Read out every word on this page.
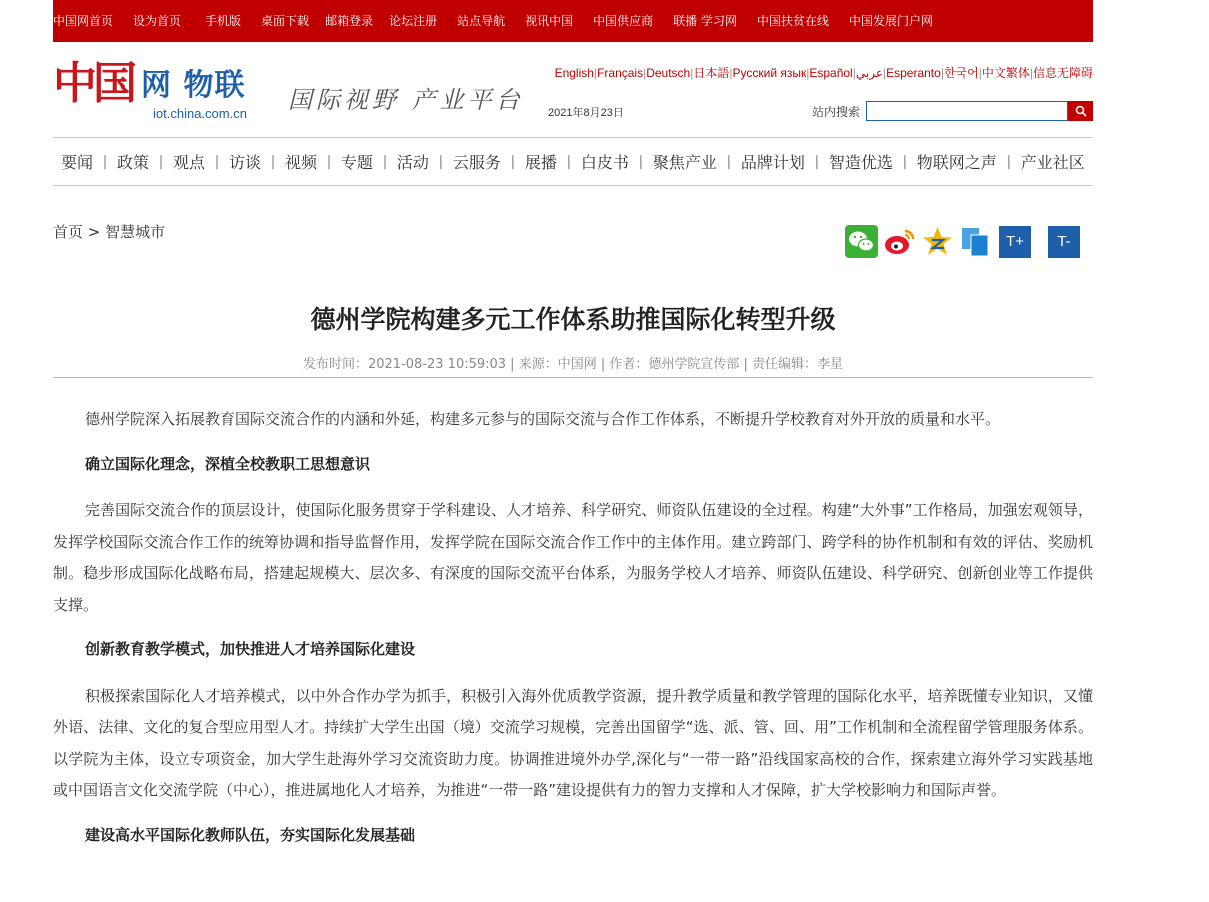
中国网首页 设为首页 手机版 桌面下载 邮箱登录 论坛注册 站点导航 视讯中国 中国供应商 联播 学习网 中国扶贫在线 中国发展门户网
中国 网 物联
iot.china.com.cn 国际视野 产业平台
English|Français|Deutsch|日本語|Русский язык|Español|عربي|Esperanto|한국어|中文繁体|信息无障碍
2021年8月23日	站内搜索
要闻 | 政策 | 观点 | 访谈 | 视频 | 专题 | 活动 | 云服务 | 展播 | 白皮书 | 聚焦产业 | 品牌计划 | 智造优选 | 物联网之声 | 产业社区
首页 > 智慧城市
T+	T-
德州学院构建多元工作体系助推国际化转型升级
发布时间：2021-08-23 10:59:03 | 来源：中国网 | 作者：德州学院宣传部 | 责任编辑：李星

德州学院深入拓展教育国际交流合作的内涵和外延，构建多元参与的国际交流与合作工作体系，不断提升学校教育对外开放的质量和水平。

确立国际化理念，深植全校教职工思想意识

完善国际交流合作的顶层设计，使国际化服务贯穿于学科建设、人才培养、科学研究、师资队伍建设的全过程。构建“大外事”工作格局，加强宏观领导，发挥学校国际交流合作工作的统筹协调和指导监督作用，发挥学院在国际交流合作工作中的主体作用。建立跨部门、跨学科的协作机制和有效的评估、奖励机制。稳步形成国际化战略布局，搭建起规模大、层次多、有深度的国际交流平台体系，为服务学校人才培养、师资队伍建设、科学研究、创新创业等工作提供支撑。

创新教育教学模式，加快推进人才培养国际化建设

积极探索国际化人才培养模式，以中外合作办学为抓手，积极引入海外优质教学资源，提升教学质量和教学管理的国际化水平，培养既懂专业知识，又懂外语、法律、文化的复合型应用型人才。持续扩大学生出国（境）交流学习规模，完善出国留学“选、派、管、回、用”工作机制和全流程留学管理服务体系。以学院为主体，设立专项资金，加大学生赴海外学习交流资助力度。协调推进境外办学,深化与“一带一路”沿线国家高校的合作，探索建立海外学习实践基地或中国语言文化交流学院（中心），推进属地化人才培养，为推进“一带一路”建设提供有力的智力支撑和人才保障，扩大学校影响力和国际声誉。

建设高水平国际化教师队伍，夯实国际化发展基础
